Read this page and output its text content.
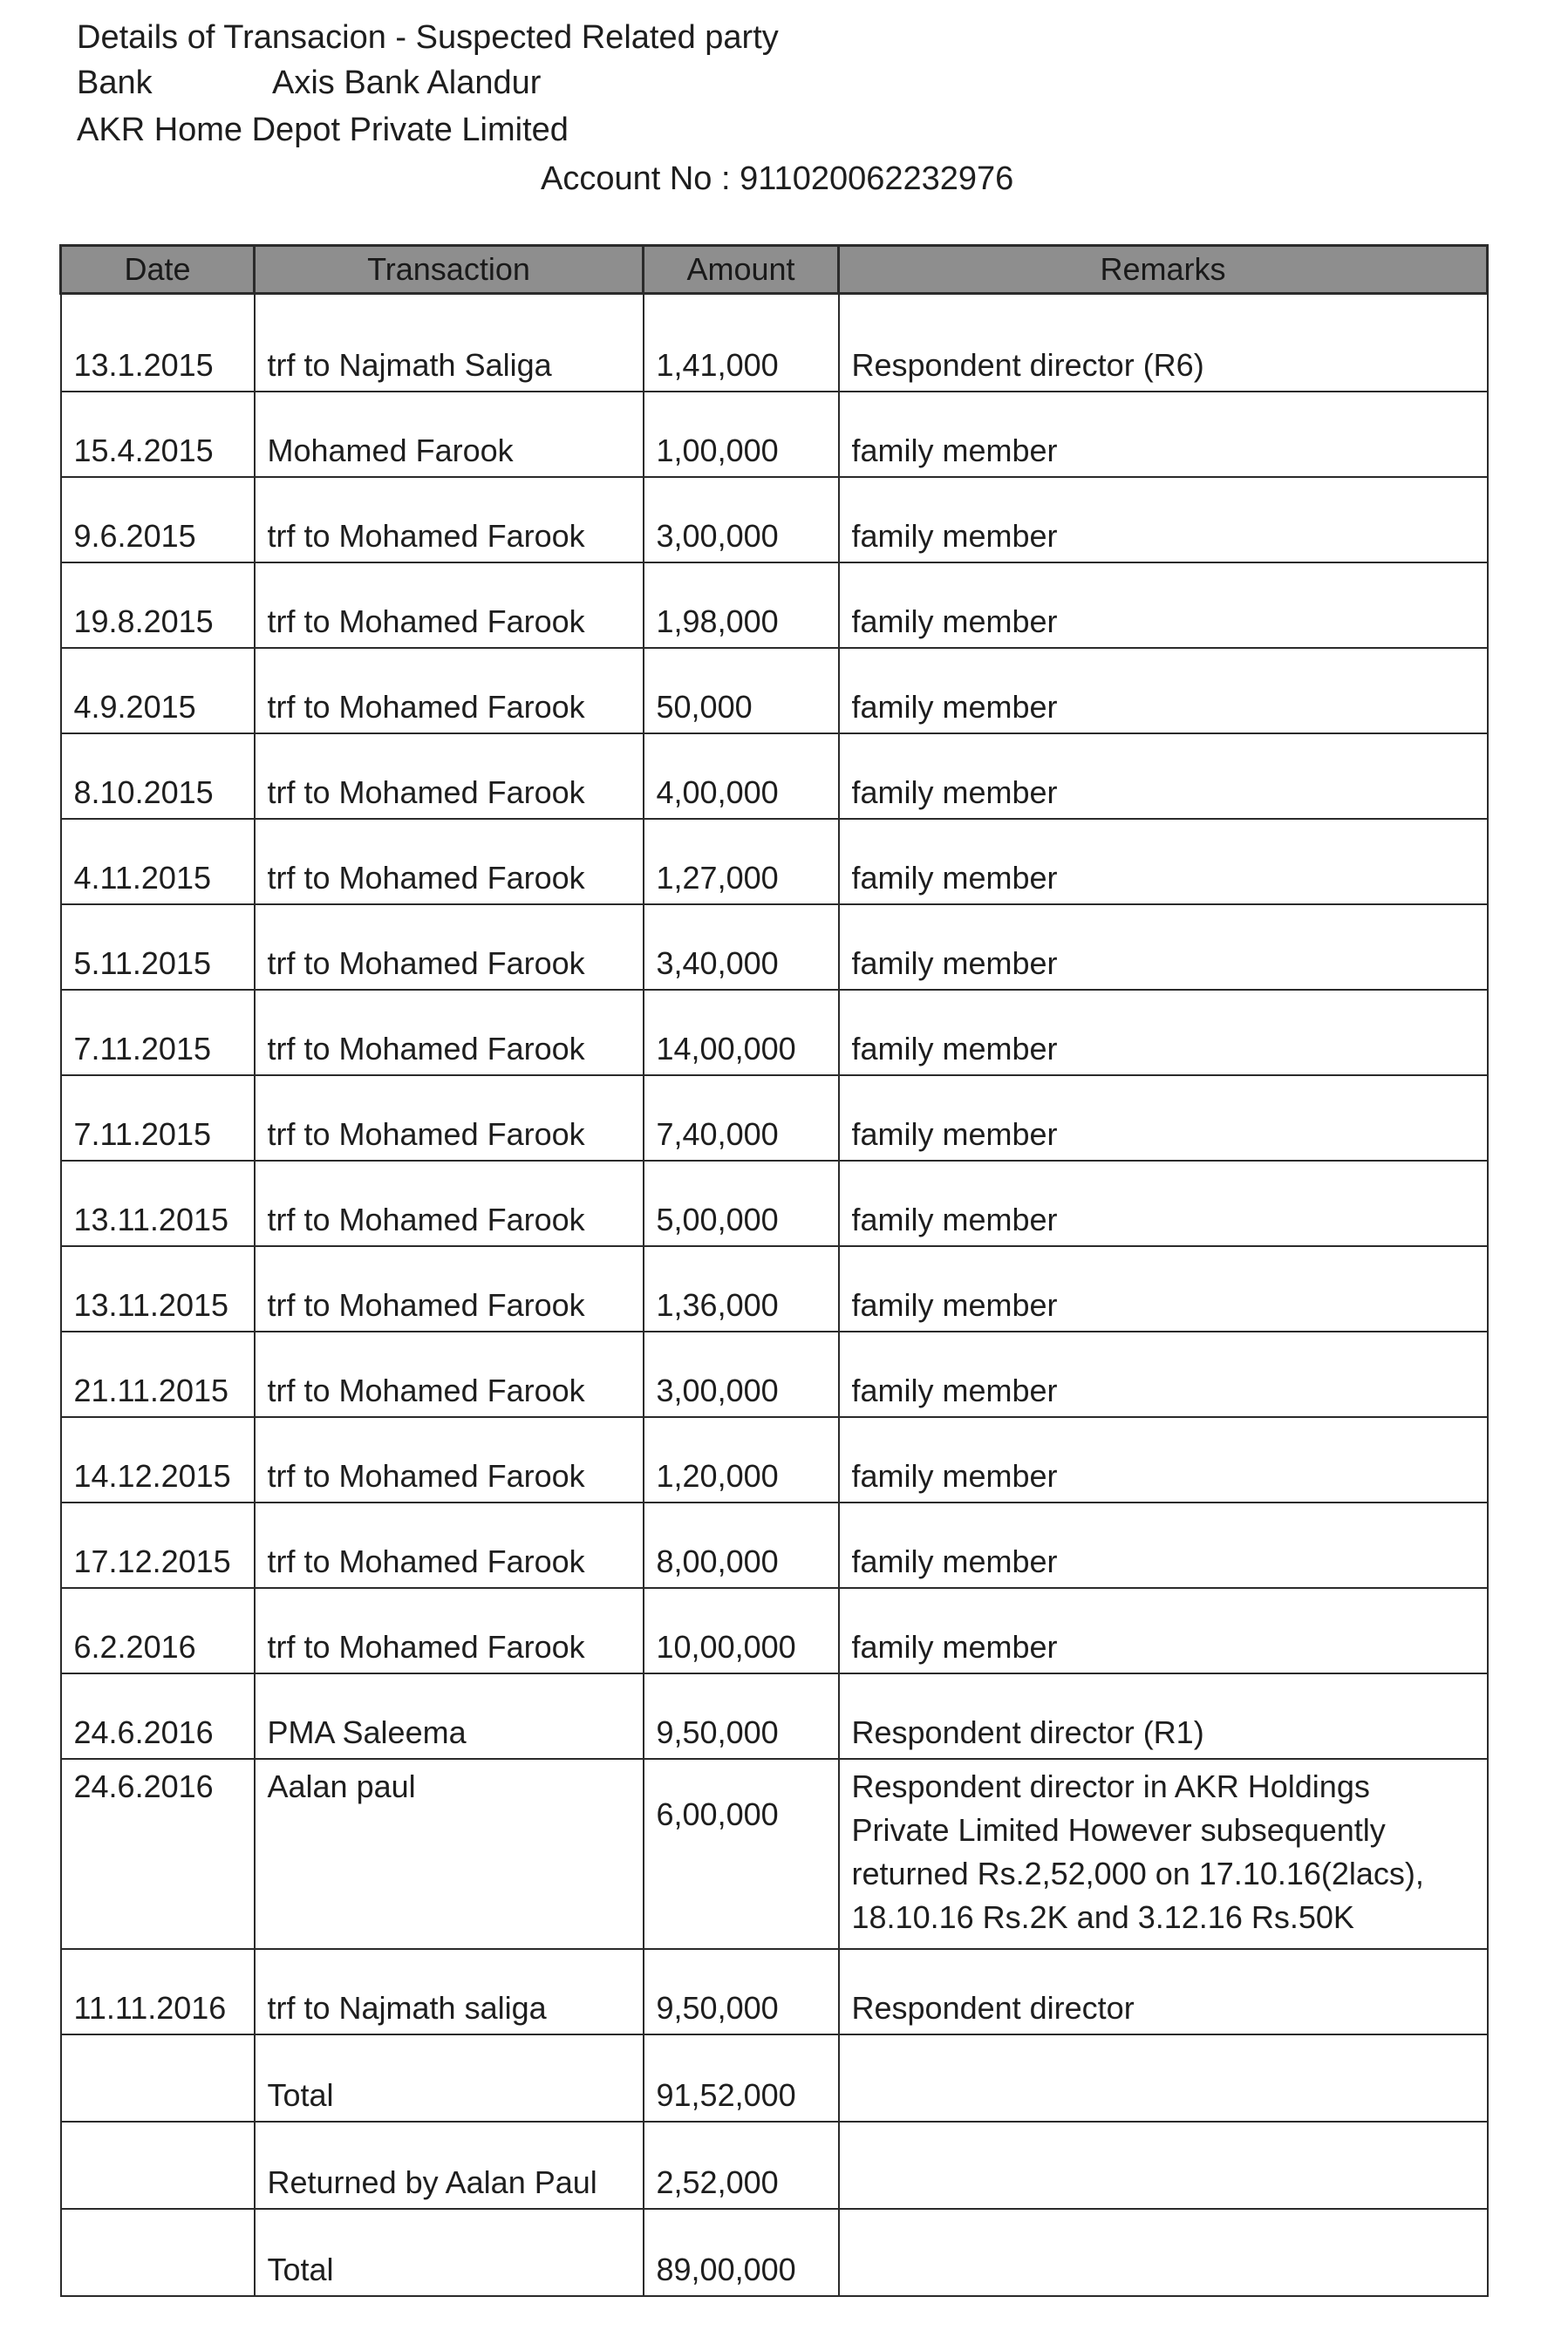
Details of Transacion - Suspected Related party
Bank	Axis Bank Alandur
AKR Home Depot Private Limited
Account No : 911020062232976
Date	Transaction	Amount	Remarks
13.1.2015	trf to Najmath Saliga	1,41,000	Respondent director (R6)
15.4.2015	Mohamed Farook	1,00,000	family member
9.6.2015	trf to Mohamed Farook	3,00,000	family member
19.8.2015	trf to Mohamed Farook	1,98,000	family member
4.9.2015	trf to Mohamed Farook	50,000	family member
8.10.2015	trf to Mohamed Farook	4,00,000	family member
4.11.2015	trf to Mohamed Farook	1,27,000	family member
5.11.2015	trf to Mohamed Farook	3,40,000	family member
7.11.2015	trf to Mohamed Farook	14,00,000	family member
7.11.2015	trf to Mohamed Farook	7,40,000	family member
13.11.2015	trf to Mohamed Farook	5,00,000	family member
13.11.2015	trf to Mohamed Farook	1,36,000	family member
21.11.2015	trf to Mohamed Farook	3,00,000	family member
14.12.2015	trf to Mohamed Farook	1,20,000	family member
17.12.2015	trf to Mohamed Farook	8,00,000	family member
6.2.2016	trf to Mohamed Farook	10,00,000	family member
24.6.2016	PMA Saleema	9,50,000	Respondent director (R1)
24.6.2016	Aalan paul	6,00,000	Respondent director in AKR Holdings Private Limited However subsequently returned Rs.2,52,000 on 17.10.16(2lacs), 18.10.16 Rs.2K and 3.12.16 Rs.50K
11.11.2016	trf to Najmath saliga	9,50,000	Respondent director
	Total	91,52,000	
	Returned by Aalan Paul	2,52,000	
	Total	89,00,000	
